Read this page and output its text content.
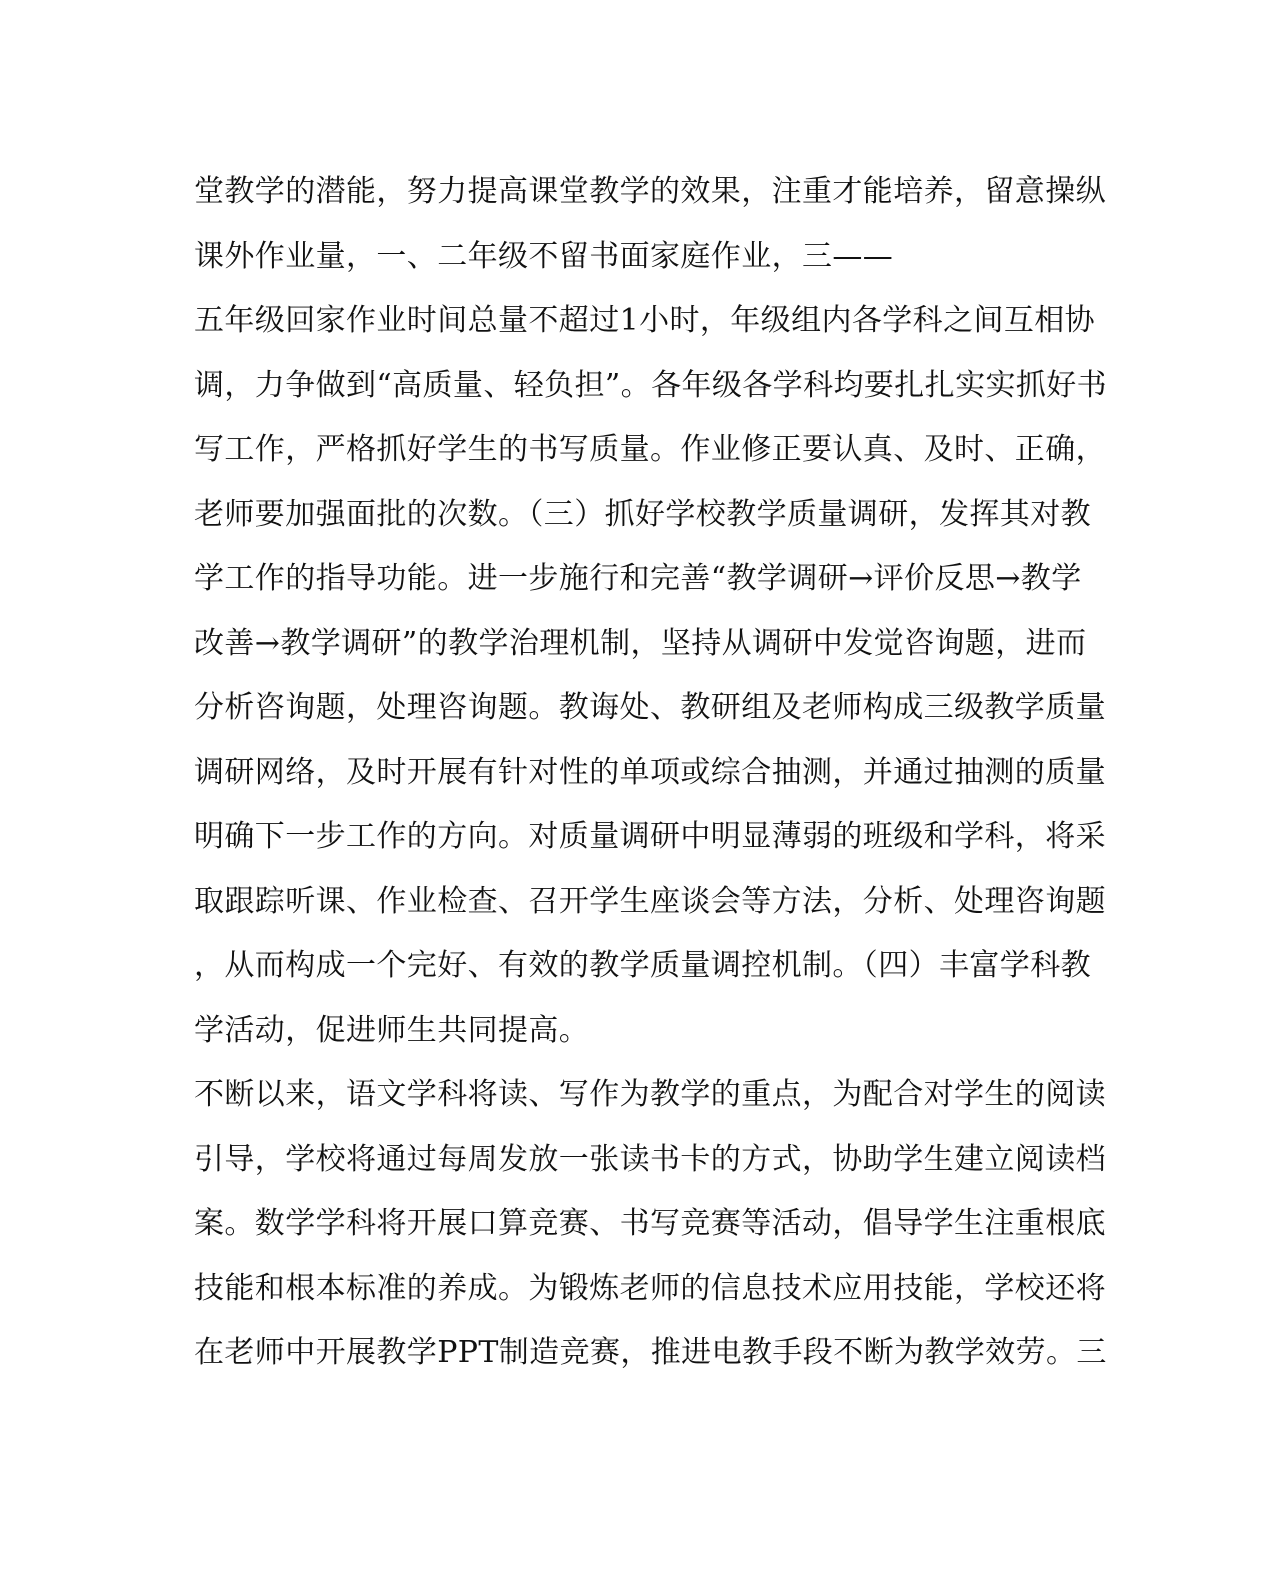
堂教学的潜能，努力提高课堂教学的效果，注重才能培养，留意操纵
课外作业量，一、二年级不留书面家庭作业，三——
五年级回家作业时间总量不超过1小时，年级组内各学科之间互相协
调，力争做到“高质量、轻负担”。各年级各学科均要扎扎实实抓好书
写工作，严格抓好学生的书写质量。作业修正要认真、及时、正确，
老师要加强面批的次数。（三）抓好学校教学质量调研，发挥其对教
学工作的指导功能。进一步施行和完善“教学调研→评价反思→教学
改善→教学调研”的教学治理机制，坚持从调研中发觉咨询题，进而
分析咨询题，处理咨询题。教诲处、教研组及老师构成三级教学质量
调研网络，及时开展有针对性的单项或综合抽测，并通过抽测的质量
明确下一步工作的方向。对质量调研中明显薄弱的班级和学科，将采
取跟踪听课、作业检查、召开学生座谈会等方法，分析、处理咨询题
，从而构成一个完好、有效的教学质量调控机制。（四）丰富学科教
学活动，促进师生共同提高。
不断以来，语文学科将读、写作为教学的重点，为配合对学生的阅读
引导，学校将通过每周发放一张读书卡的方式，协助学生建立阅读档
案。数学学科将开展口算竞赛、书写竞赛等活动，倡导学生注重根底
技能和根本标准的养成。为锻炼老师的信息技术应用技能，学校还将
在老师中开展教学PPT制造竞赛，推进电教手段不断为教学效劳。三
